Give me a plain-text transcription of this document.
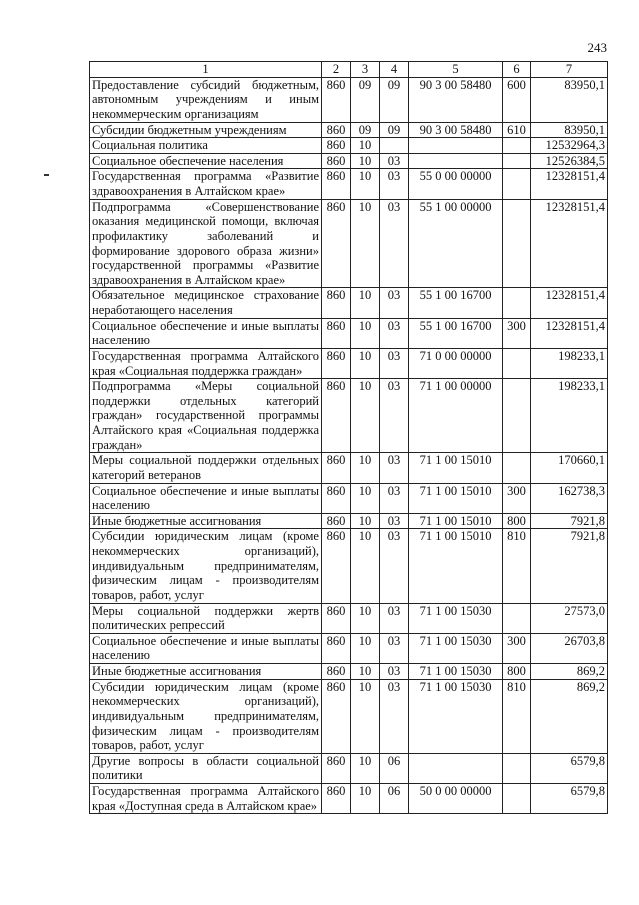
243
1	2	3	4	5	6	7
Предоставление субсидий бюджетным, автономным учреждениям и иным некоммерческим организациям	860	09	09	90 3 00 58480	600	83950,1
Субсидии бюджетным учреждениям	860	09	09	90 3 00 58480	610	83950,1
Социальная политика	860	10				12532964,3
Социальное обеспечение населения	860	10	03			12526384,5
Государственная программа «Развитие здравоохранения в Алтайском крае»	860	10	03	55 0 00 00000		12328151,4
Подпрограмма «Совершенствование оказания медицинской помощи, включая профилактику заболеваний и формирование здорового образа жизни» государственной программы «Развитие здравоохранения в Алтайском крае»	860	10	03	55 1 00 00000		12328151,4
Обязательное медицинское страхование неработающего населения	860	10	03	55 1 00 16700		12328151,4
Социальное обеспечение и иные выплаты населению	860	10	03	55 1 00 16700	300	12328151,4
Государственная программа Алтайского края «Социальная поддержка граждан»	860	10	03	71 0 00 00000		198233,1
Подпрограмма «Меры социальной поддержки отдельных категорий граждан» государственной программы Алтайского края «Социальная поддержка граждан»	860	10	03	71 1 00 00000		198233,1
Меры социальной поддержки отдельных категорий ветеранов	860	10	03	71 1 00 15010		170660,1
Социальное обеспечение и иные выплаты населению	860	10	03	71 1 00 15010	300	162738,3
Иные бюджетные ассигнования	860	10	03	71 1 00 15010	800	7921,8
Субсидии юридическим лицам (кроме некоммерческих организаций), индивидуальным предпринимателям, физическим лицам - производителям товаров, работ, услуг	860	10	03	71 1 00 15010	810	7921,8
Меры социальной поддержки жертв политических репрессий	860	10	03	71 1 00 15030		27573,0
Социальное обеспечение и иные выплаты населению	860	10	03	71 1 00 15030	300	26703,8
Иные бюджетные ассигнования	860	10	03	71 1 00 15030	800	869,2
Субсидии юридическим лицам (кроме некоммерческих организаций), индивидуальным предпринимателям, физическим лицам - производителям товаров, работ, услуг	860	10	03	71 1 00 15030	810	869,2
Другие вопросы в области социальной политики	860	10	06			6579,8
Государственная программа Алтайского края «Доступная среда в Алтайском крае»	860	10	06	50 0 00 00000		6579,8
